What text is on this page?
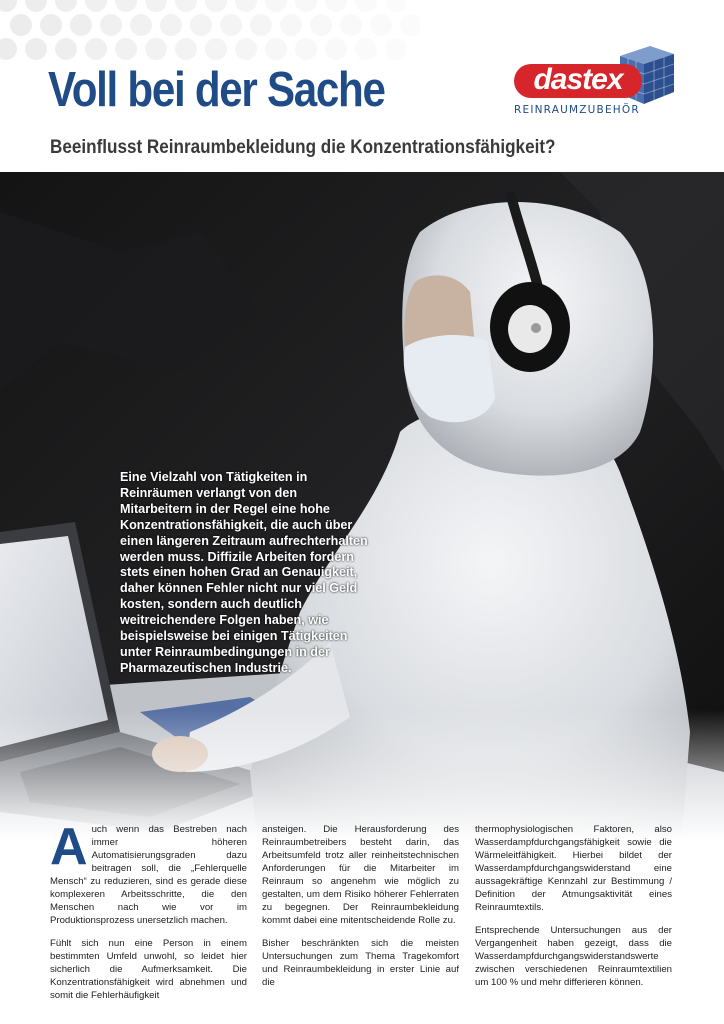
Voll bei der Sache	dastex
REINRAUMZUBEHÖR
Beeinflusst Reinraumbekleidung die Konzentrationsfähigkeit?

Eine Vielzahl von Tätigkeiten in Reinräumen verlangt von den Mitarbeitern in der Regel eine hohe Konzentrationsfähigkeit, die auch über einen längeren Zeitraum aufrechterhalten werden muss. Diffizile Arbeiten fordern stets einen hohen Grad an Genauigkeit, daher können Fehler nicht nur viel Geld kosten, sondern auch deutlich weitreichendere Folgen haben, wie beispielsweise bei einigen Tätigkeiten unter Reinraumbedingungen in der Pharmazeutischen Industrie.

Auch wenn das Bestreben nach immer höheren Automatisierungsgraden dazu beitragen soll, die „Fehlerquelle Mensch“ zu reduzieren, sind es gerade diese komplexeren Arbeitsschritte, die den Menschen nach wie vor im Produktionsprozess unersetzlich machen.

Fühlt sich nun eine Person in einem bestimmten Umfeld unwohl, so leidet hier sicherlich die Aufmerksamkeit. Die Konzentrationsfähigkeit wird abnehmen und somit die Fehlerhäufigkeit

ansteigen. Die Herausforderung des Reinraumbetreibers besteht darin, das Arbeitsumfeld trotz aller reinheitstechnischen Anforderungen für die Mitarbeiter im Reinraum so angenehm wie möglich zu gestalten, um dem Risiko höherer Fehlerraten zu begegnen. Der Reinraumbekleidung kommt dabei eine mitentscheidende Rolle zu.

Bisher beschränkten sich die meisten Untersuchungen zum Thema Tragekomfort und Reinraumbekleidung in erster Linie auf die

thermophysiologischen Faktoren, also Wasserdampfdurchgangsfähigkeit sowie die Wärmeleitfähigkeit. Hierbei bildet der Wasserdampfdurchgangswiderstand eine aussagekräftige Kennzahl zur Bestimmung / Definition der Atmungsaktivität eines Reinraumtextils.

Entsprechende Untersuchungen aus der Vergangenheit haben gezeigt, dass die Wasserdampfdurchgangswiderstandswerte zwischen verschiedenen Reinraumtextilien um 100 % und mehr differieren können.
